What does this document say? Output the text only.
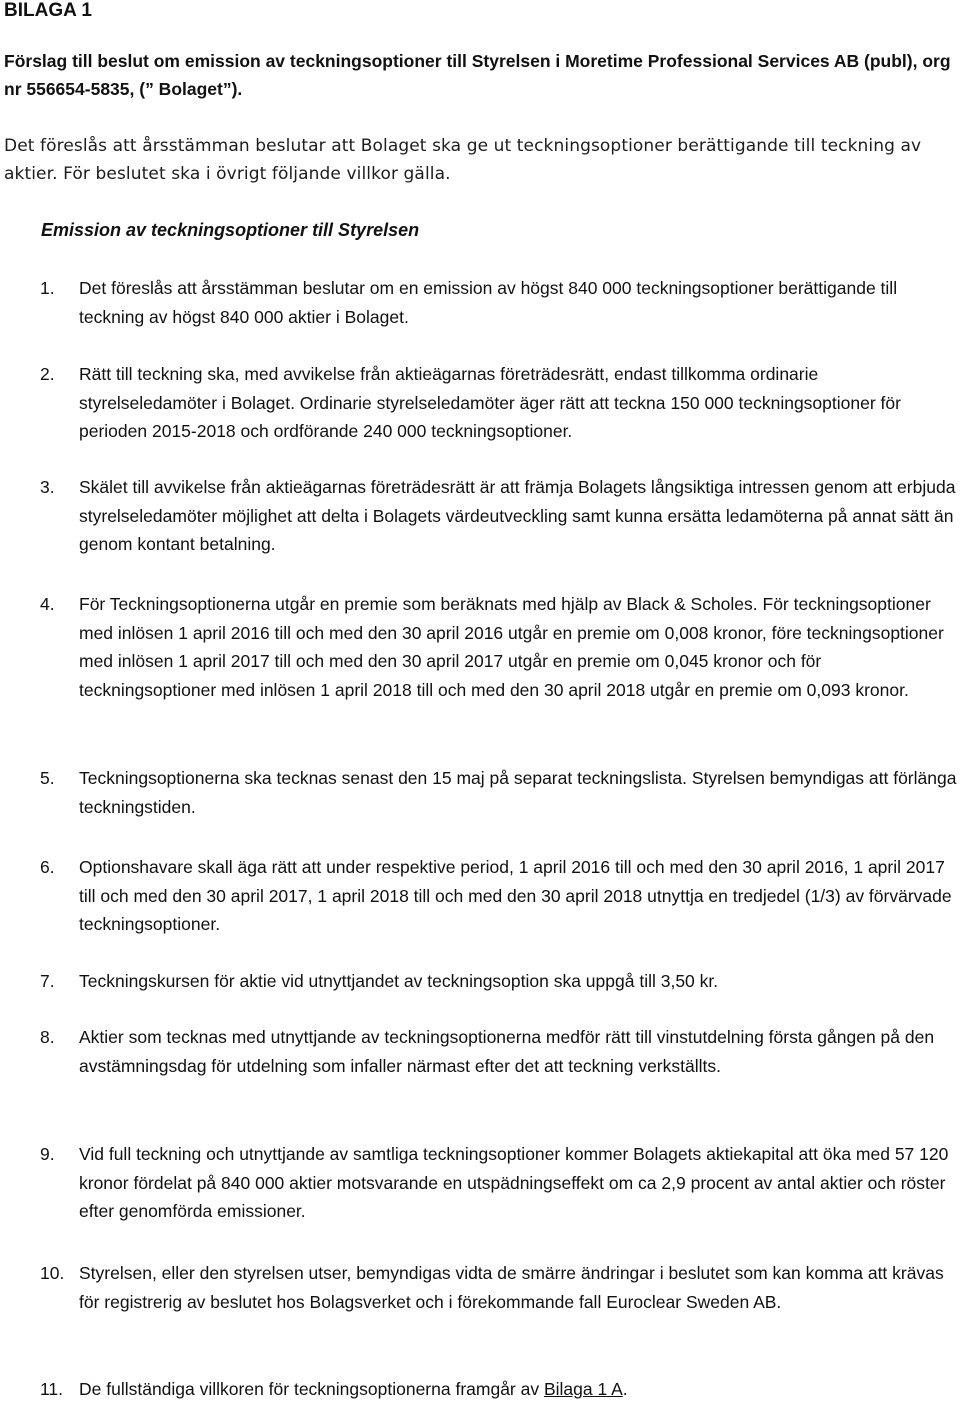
BILAGA 1
Förslag till beslut om emission av teckningsoptioner till Styrelsen i Moretime Professional Services AB (publ), org nr 556654-5835, (” Bolaget”).

Det föreslås att årsstämman beslutar att Bolaget ska ge ut teckningsoptioner berättigande till teckning av aktier. För beslutet ska i övrigt följande villkor gälla.

Emission av teckningsoptioner till Styrelsen
1.	Det föreslås att årsstämman beslutar om en emission av högst 840 000 teckningsoptioner berättigande till teckning av högst 840 000 aktier i Bolaget.
2.	Rätt till teckning ska, med avvikelse från aktieägarnas företrädesrätt, endast tillkomma ordinarie styrelseledamöter i Bolaget. Ordinarie styrelseledamöter äger rätt att teckna 150 000 teckningsoptioner för perioden 2015-2018 och ordförande 240 000 teckningsoptioner.
3.	Skälet till avvikelse från aktieägarnas företrädesrätt är att främja Bolagets långsiktiga intressen genom att erbjuda styrelseledamöter möjlighet att delta i Bolagets värdeutveckling samt kunna ersätta ledamöterna på annat sätt än genom kontant betalning.
4.	För Teckningsoptionerna utgår en premie som beräknats med hjälp av Black & Scholes. För teckningsoptioner med inlösen 1 april 2016 till och med den 30 april 2016 utgår en premie om 0,008 kronor, före teckningsoptioner med inlösen 1 april 2017 till och med den 30 april 2017 utgår en premie om 0,045 kronor och för teckningsoptioner med inlösen 1 april 2018 till och med den 30 april 2018 utgår en premie om 0,093 kronor.
5.	Teckningsoptionerna ska tecknas senast den 15 maj på separat teckningslista. Styrelsen bemyndigas att förlänga teckningstiden.
6.	Optionshavare skall äga rätt att under respektive period, 1 april 2016 till och med den 30 april 2016, 1 april 2017 till och med den 30 april 2017, 1 april 2018 till och med den 30 april 2018 utnyttja en tredjedel (1/3) av förvärvade teckningsoptioner.
7.	Teckningskursen för aktie vid utnyttjandet av teckningsoption ska uppgå till 3,50 kr.
8.	Aktier som tecknas med utnyttjande av teckningsoptionerna medför rätt till vinstutdelning första gången på den avstämningsdag för utdelning som infaller närmast efter det att teckning verkställts.
9.	Vid full teckning och utnyttjande av samtliga teckningsoptioner kommer Bolagets aktiekapital att öka med 57 120 kronor fördelat på 840 000 aktier motsvarande en utspädningseffekt om ca 2,9 procent av antal aktier och röster efter genomförda emissioner.
10. Styrelsen, eller den styrelsen utser, bemyndigas vidta de smärre ändringar i beslutet som kan komma att krävas för registrerig av beslutet hos Bolagsverket och i förekommande fall Euroclear Sweden AB.
11. De fullständiga villkoren för teckningsoptionerna framgår av Bilaga 1 A.
